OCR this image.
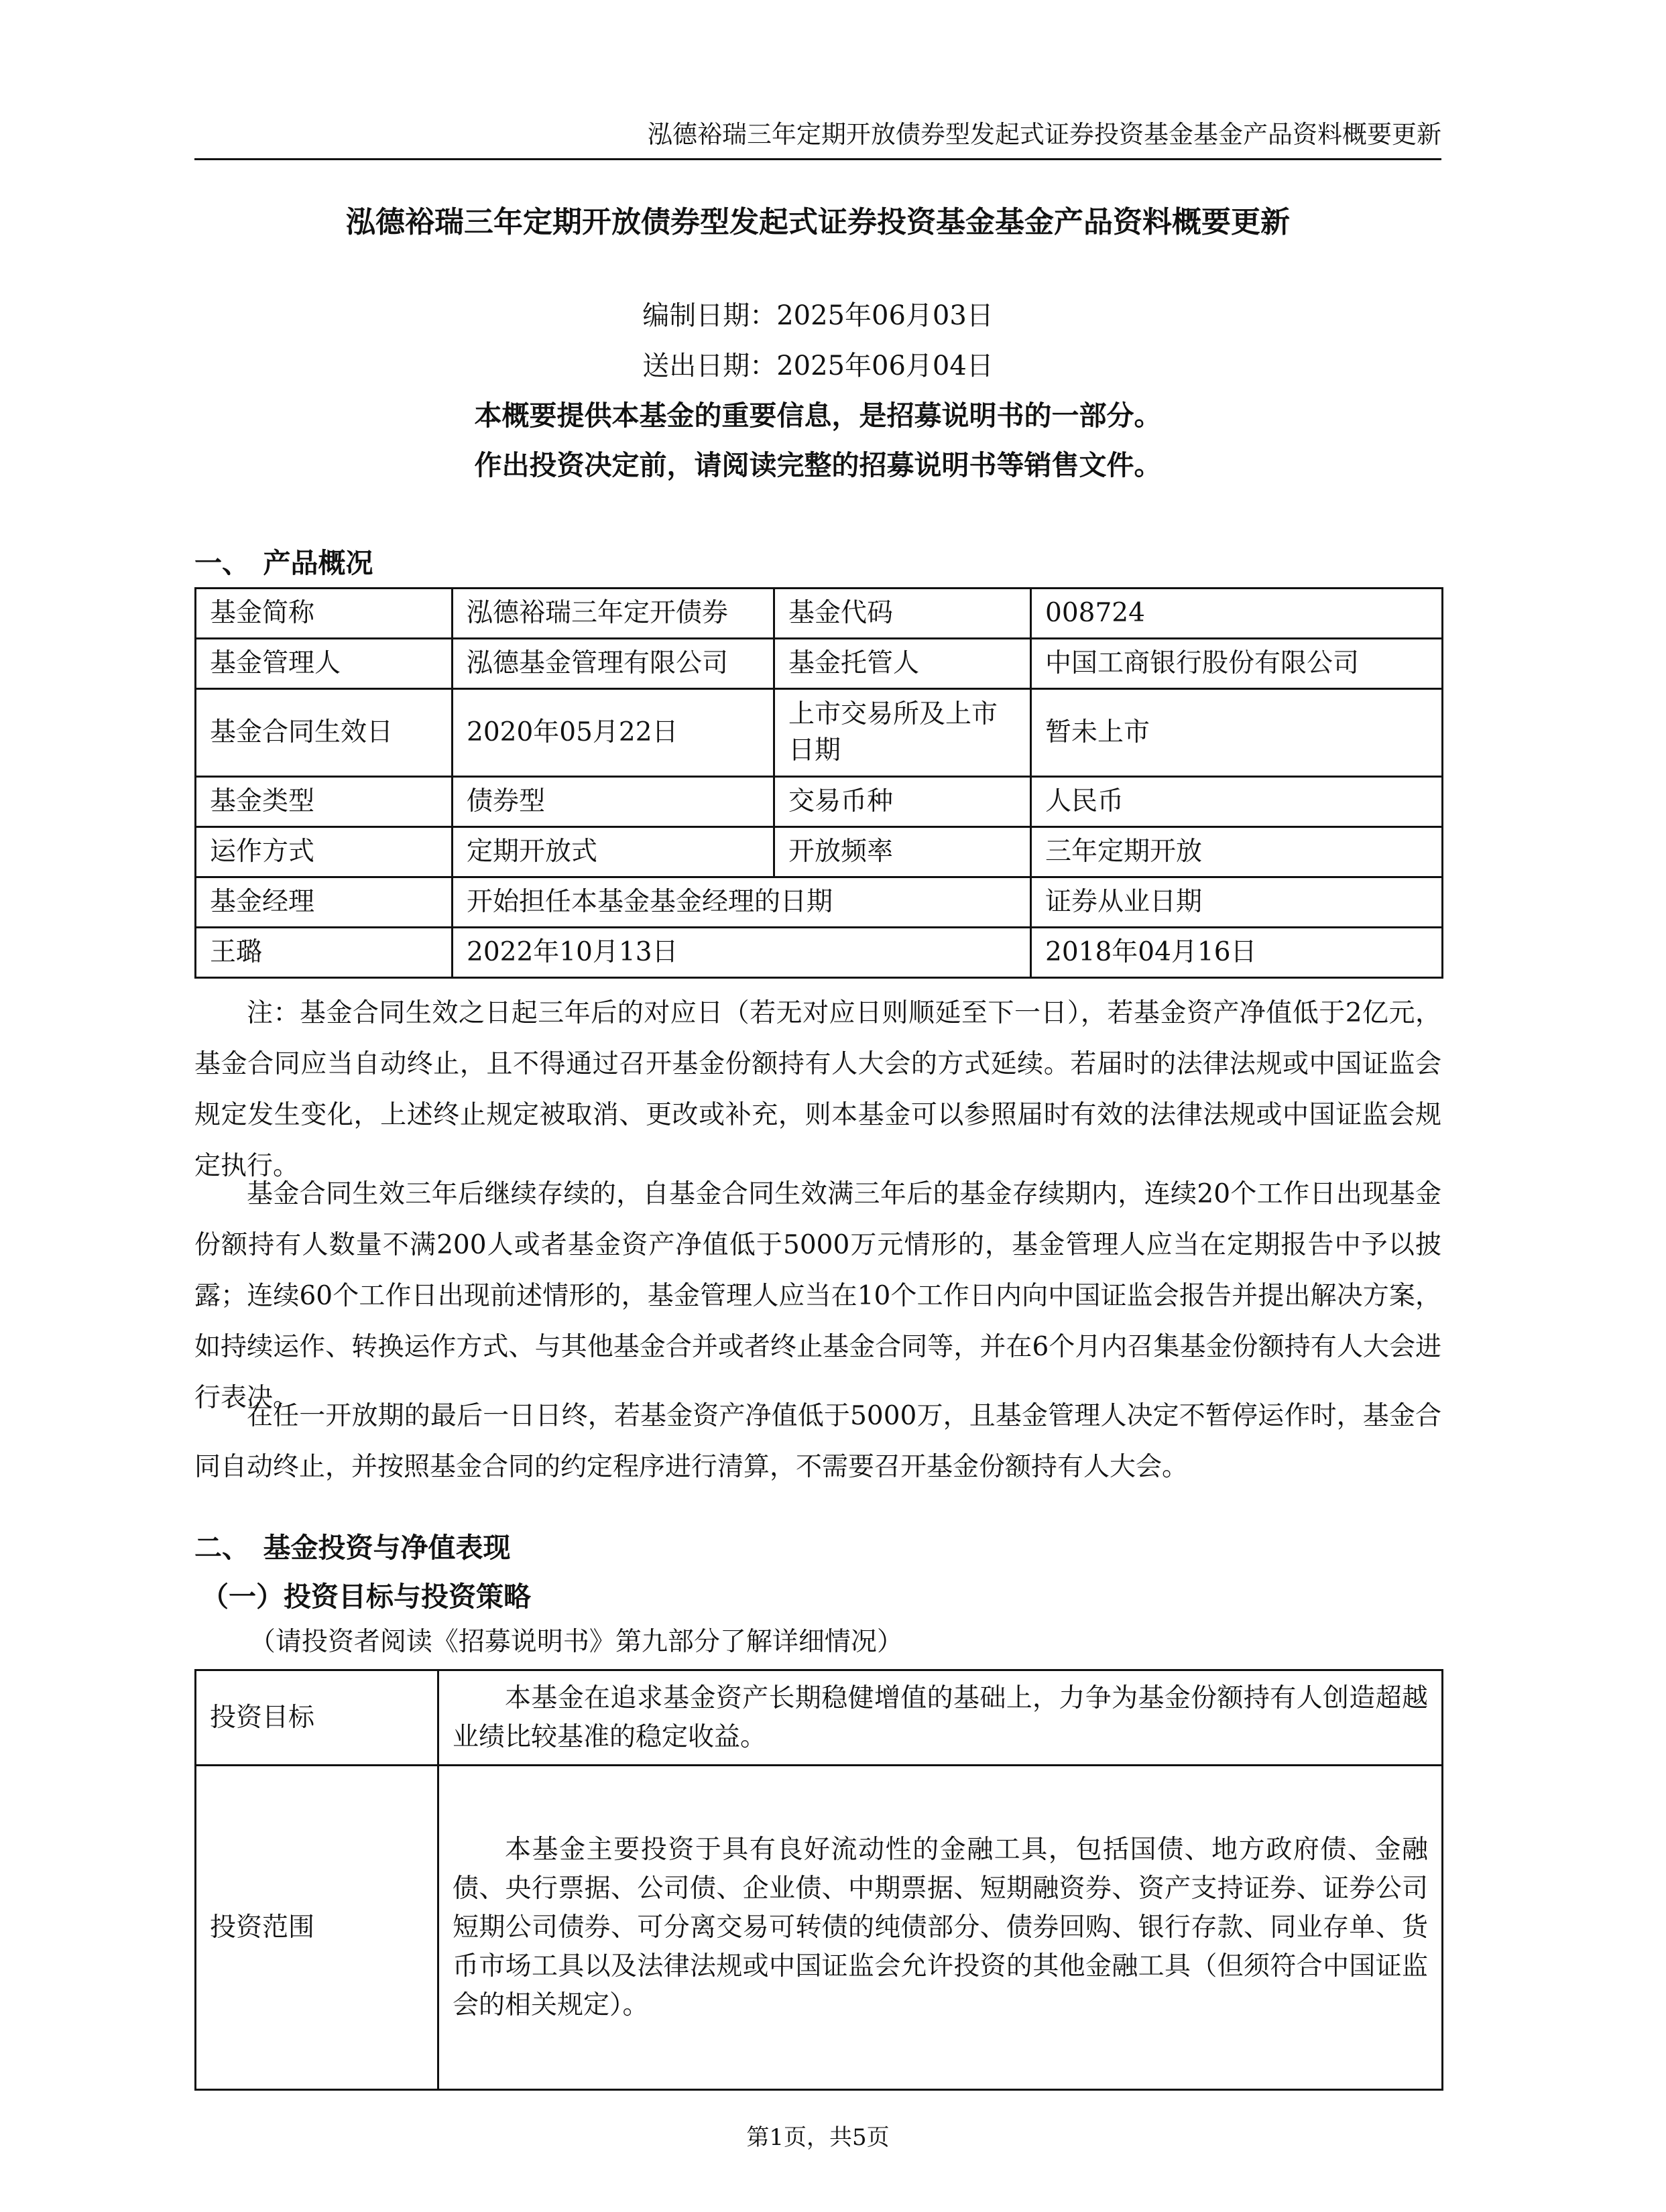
泓德裕瑞三年定期开放债券型发起式证券投资基金基金产品资料概要更新
泓德裕瑞三年定期开放债券型发起式证券投资基金基金产品资料概要更新
编制日期：2025年06月03日
送出日期：2025年06月04日
本概要提供本基金的重要信息，是招募说明书的一部分。
作出投资决定前，请阅读完整的招募说明书等销售文件。
一、　产品概况
基金简称	泓德裕瑞三年定开债券	基金代码	008724
基金管理人	泓德基金管理有限公司	基金托管人	中国工商银行股份有限公司
基金合同生效日	2020年05月22日	上市交易所及上市日期	暂未上市
基金类型	债券型	交易币种	人民币
运作方式	定期开放式	开放频率	三年定期开放
基金经理	开始担任本基金基金经理的日期		证券从业日期
王璐	2022年10月13日		2018年04月16日
注：基金合同生效之日起三年后的对应日（若无对应日则顺延至下一日），若基金资产净值低于2亿元，基金合同应当自动终止，且不得通过召开基金份额持有人大会的方式延续。若届时的法律法规或中国证监会规定发生变化，上述终止规定被取消、更改或补充，则本基金可以参照届时有效的法律法规或中国证监会规定执行。
基金合同生效三年后继续存续的，自基金合同生效满三年后的基金存续期内，连续20个工作日出现基金份额持有人数量不满200人或者基金资产净值低于5000万元情形的，基金管理人应当在定期报告中予以披露；连续60个工作日出现前述情形的，基金管理人应当在10个工作日内向中国证监会报告并提出解决方案，如持续运作、转换运作方式、与其他基金合并或者终止基金合同等，并在6个月内召集基金份额持有人大会进行表决。
在任一开放期的最后一日日终，若基金资产净值低于5000万，且基金管理人决定不暂停运作时，基金合同自动终止，并按照基金合同的约定程序进行清算，不需要召开基金份额持有人大会。
二、　基金投资与净值表现
（一）投资目标与投资策略
（请投资者阅读《招募说明书》第九部分了解详细情况）
投资目标	本基金在追求基金资产长期稳健增值的基础上，力争为基金份额持有人创造超越业绩比较基准的稳定收益。
投资范围	本基金主要投资于具有良好流动性的金融工具，包括国债、地方政府债、金融债、央行票据、公司债、企业债、中期票据、短期融资券、资产支持证券、证券公司短期公司债券、可分离交易可转债的纯债部分、债券回购、银行存款、同业存单、货币市场工具以及法律法规或中国证监会允许投资的其他金融工具（但须符合中国证监会的相关规定）。
第1页，共5页
